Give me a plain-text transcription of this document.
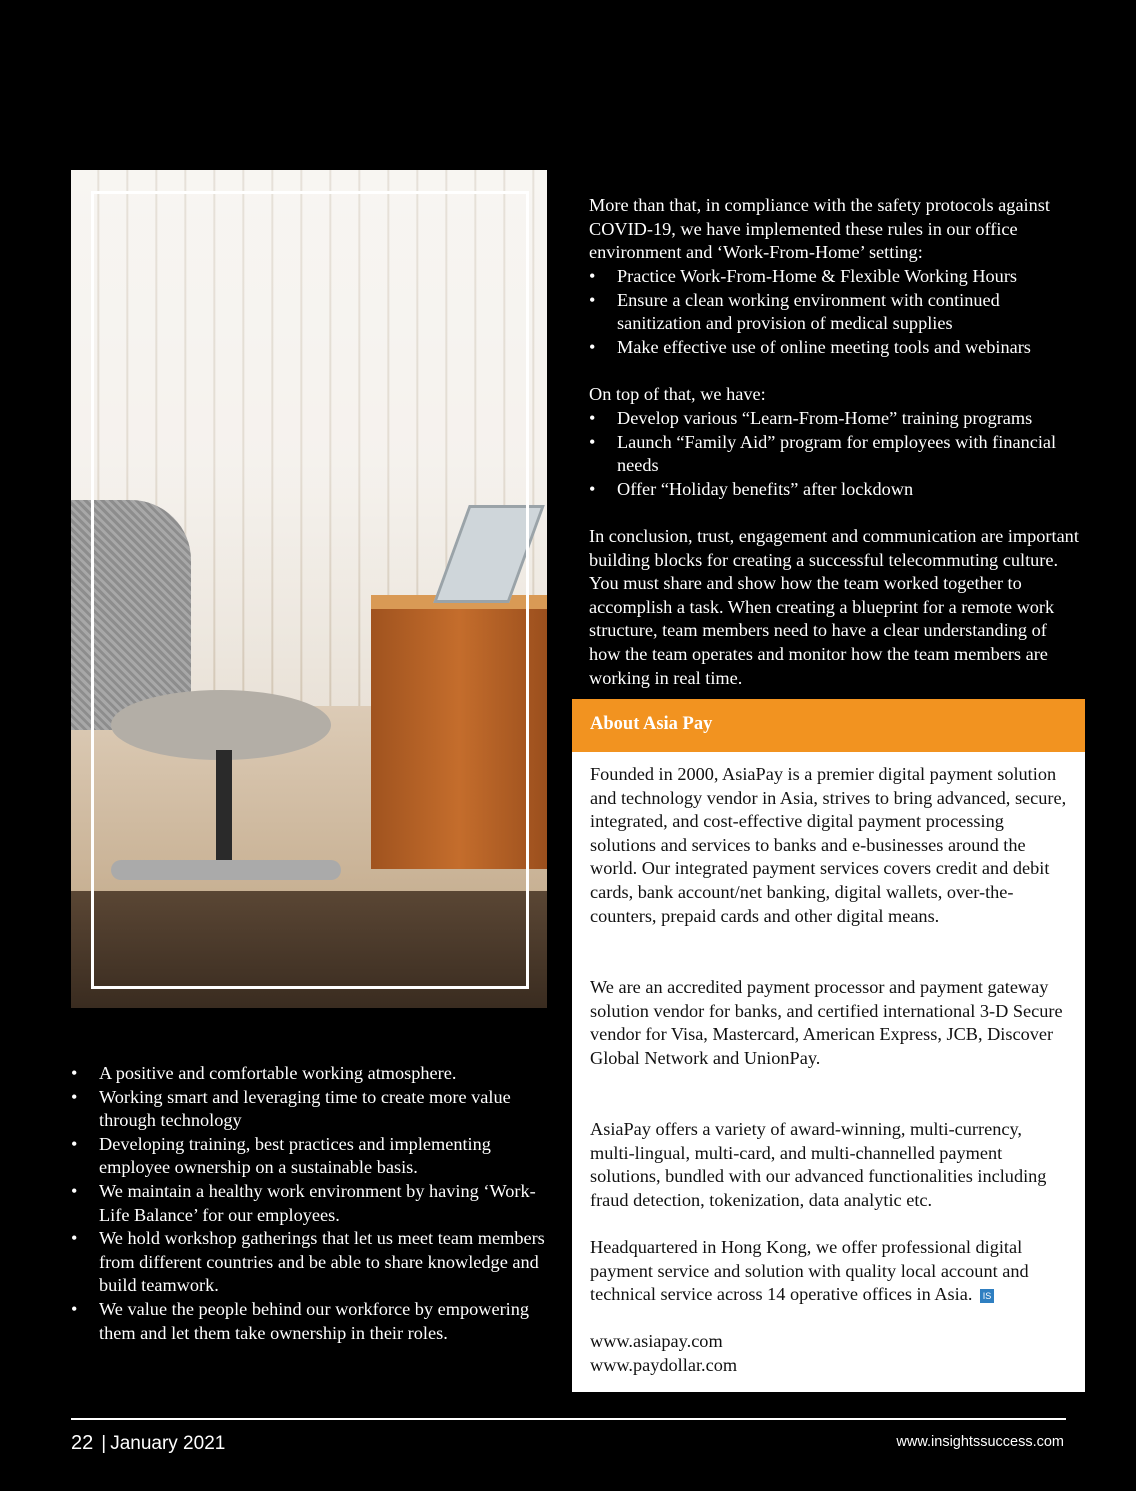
More than that, in compliance with the safety protocols against COVID-19, we have implemented these rules in our office environment and ‘Work-From-Home’ setting:

• Practice Work-From-Home & Flexible Working Hours
• Ensure a clean working environment with continued sanitization and provision of medical supplies
• Make effective use of online meeting tools and webinars

On top of that, we have:

• Develop various “Learn-From-Home” training programs
• Launch “Family Aid” program for employees with financial needs
• Offer “Holiday benefits” after lockdown

In conclusion, trust, engagement and communication are important building blocks for creating a successful telecommuting culture. You must share and show how the team worked together to accomplish a task. When creating a blueprint for a remote work structure, team members need to have a clear understanding of how the team operates and monitor how the team members are working in real time.

• A positive and comfortable working atmosphere.
• Working smart and leveraging time to create more value through technology
• Developing training, best practices and implementing employee ownership on a sustainable basis.
• We maintain a healthy work environment by having ‘Work-Life Balance’ for our employees.
• We hold workshop gatherings that let us meet team members from different countries and be able to share knowledge and build teamwork.
• We value the people behind our workforce by empowering them and let them take ownership in their roles.
About Asia Pay

Founded in 2000, AsiaPay is a premier digital payment solution and technology vendor in Asia, strives to bring advanced, secure, integrated, and cost-effective digital payment processing solutions and services to banks and e-businesses around the world. Our integrated payment services covers credit and debit cards, bank account/net banking, digital wallets, over-the-counters, prepaid cards and other digital means.

We are an accredited payment processor and payment gateway solution vendor for banks, and certified international 3-D Secure vendor for Visa, Mastercard, American Express, JCB, Discover Global Network and UnionPay.

AsiaPay offers a variety of award-winning, multi-currency, multi-lingual, multi-card, and multi-channelled payment solutions, bundled with our advanced functionalities including fraud detection, tokenization, data analytic etc.

Headquartered in Hong Kong, we offer professional digital payment service and solution with quality local account and technical service across 14 operative offices in Asia. IS

www.asiapay.com

www.paydollar.com

22 | January 2021	www.insightssuccess.com
